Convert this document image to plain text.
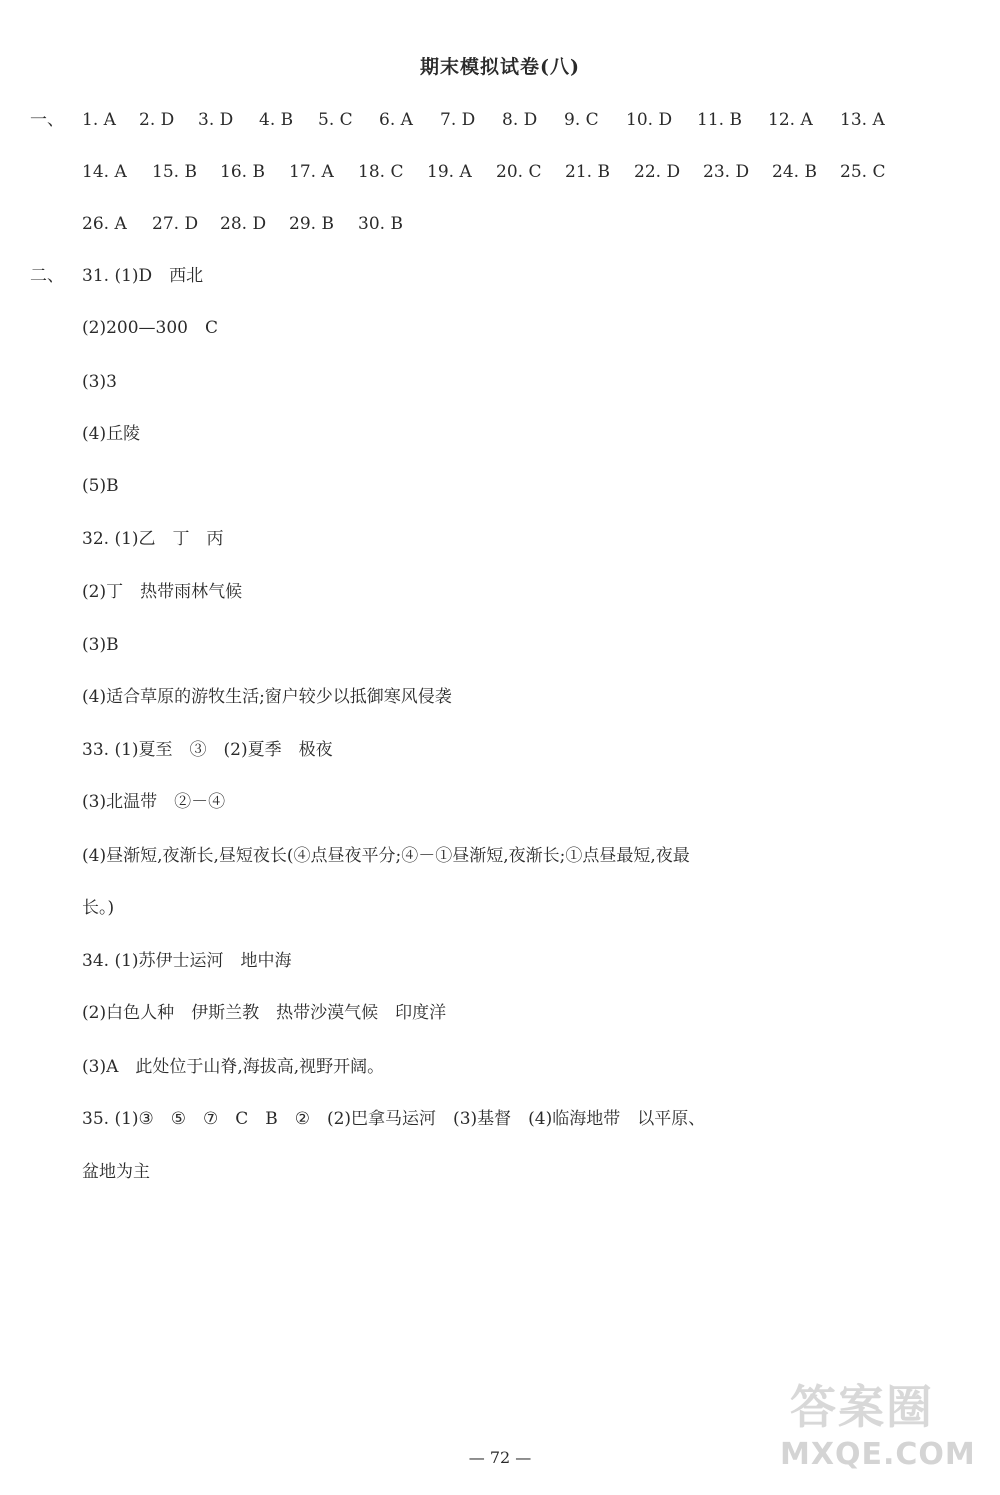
期末模拟试卷(八)
一、 1. A 2. D 3. D 4. B 5. C 6. A 7. D 8. D 9. C 10. D 11. B 12. A 13. A
14. A 15. B 16. B 17. A 18. C 19. A 20. C 21. B 22. D 23. D 24. B 25. C
26. A 27. D 28. D 29. B 30. B
二、 31. (1)D　西北
(2)200—300　C
(3)3
(4)丘陵
(5)B
32. (1)乙　丁　丙
(2)丁　热带雨林气候
(3)B
(4)适合草原的游牧生活;窗户较少以抵御寒风侵袭
33. (1)夏至　③　(2)夏季　极夜
(3)北温带　②－④
(4)昼渐短,夜渐长,昼短夜长(④点昼夜平分;④－①昼渐短,夜渐长;①点昼最短,夜最
长。)
34. (1)苏伊士运河　地中海
(2)白色人种　伊斯兰教　热带沙漠气候　印度洋
(3)A　此处位于山脊,海拔高,视野开阔。
35. (1)③　⑤　⑦　C　B　②　(2)巴拿马运河　(3)基督　(4)临海地带　以平原、
盆地为主
— 72 —
答案圈
MXQE.COM
